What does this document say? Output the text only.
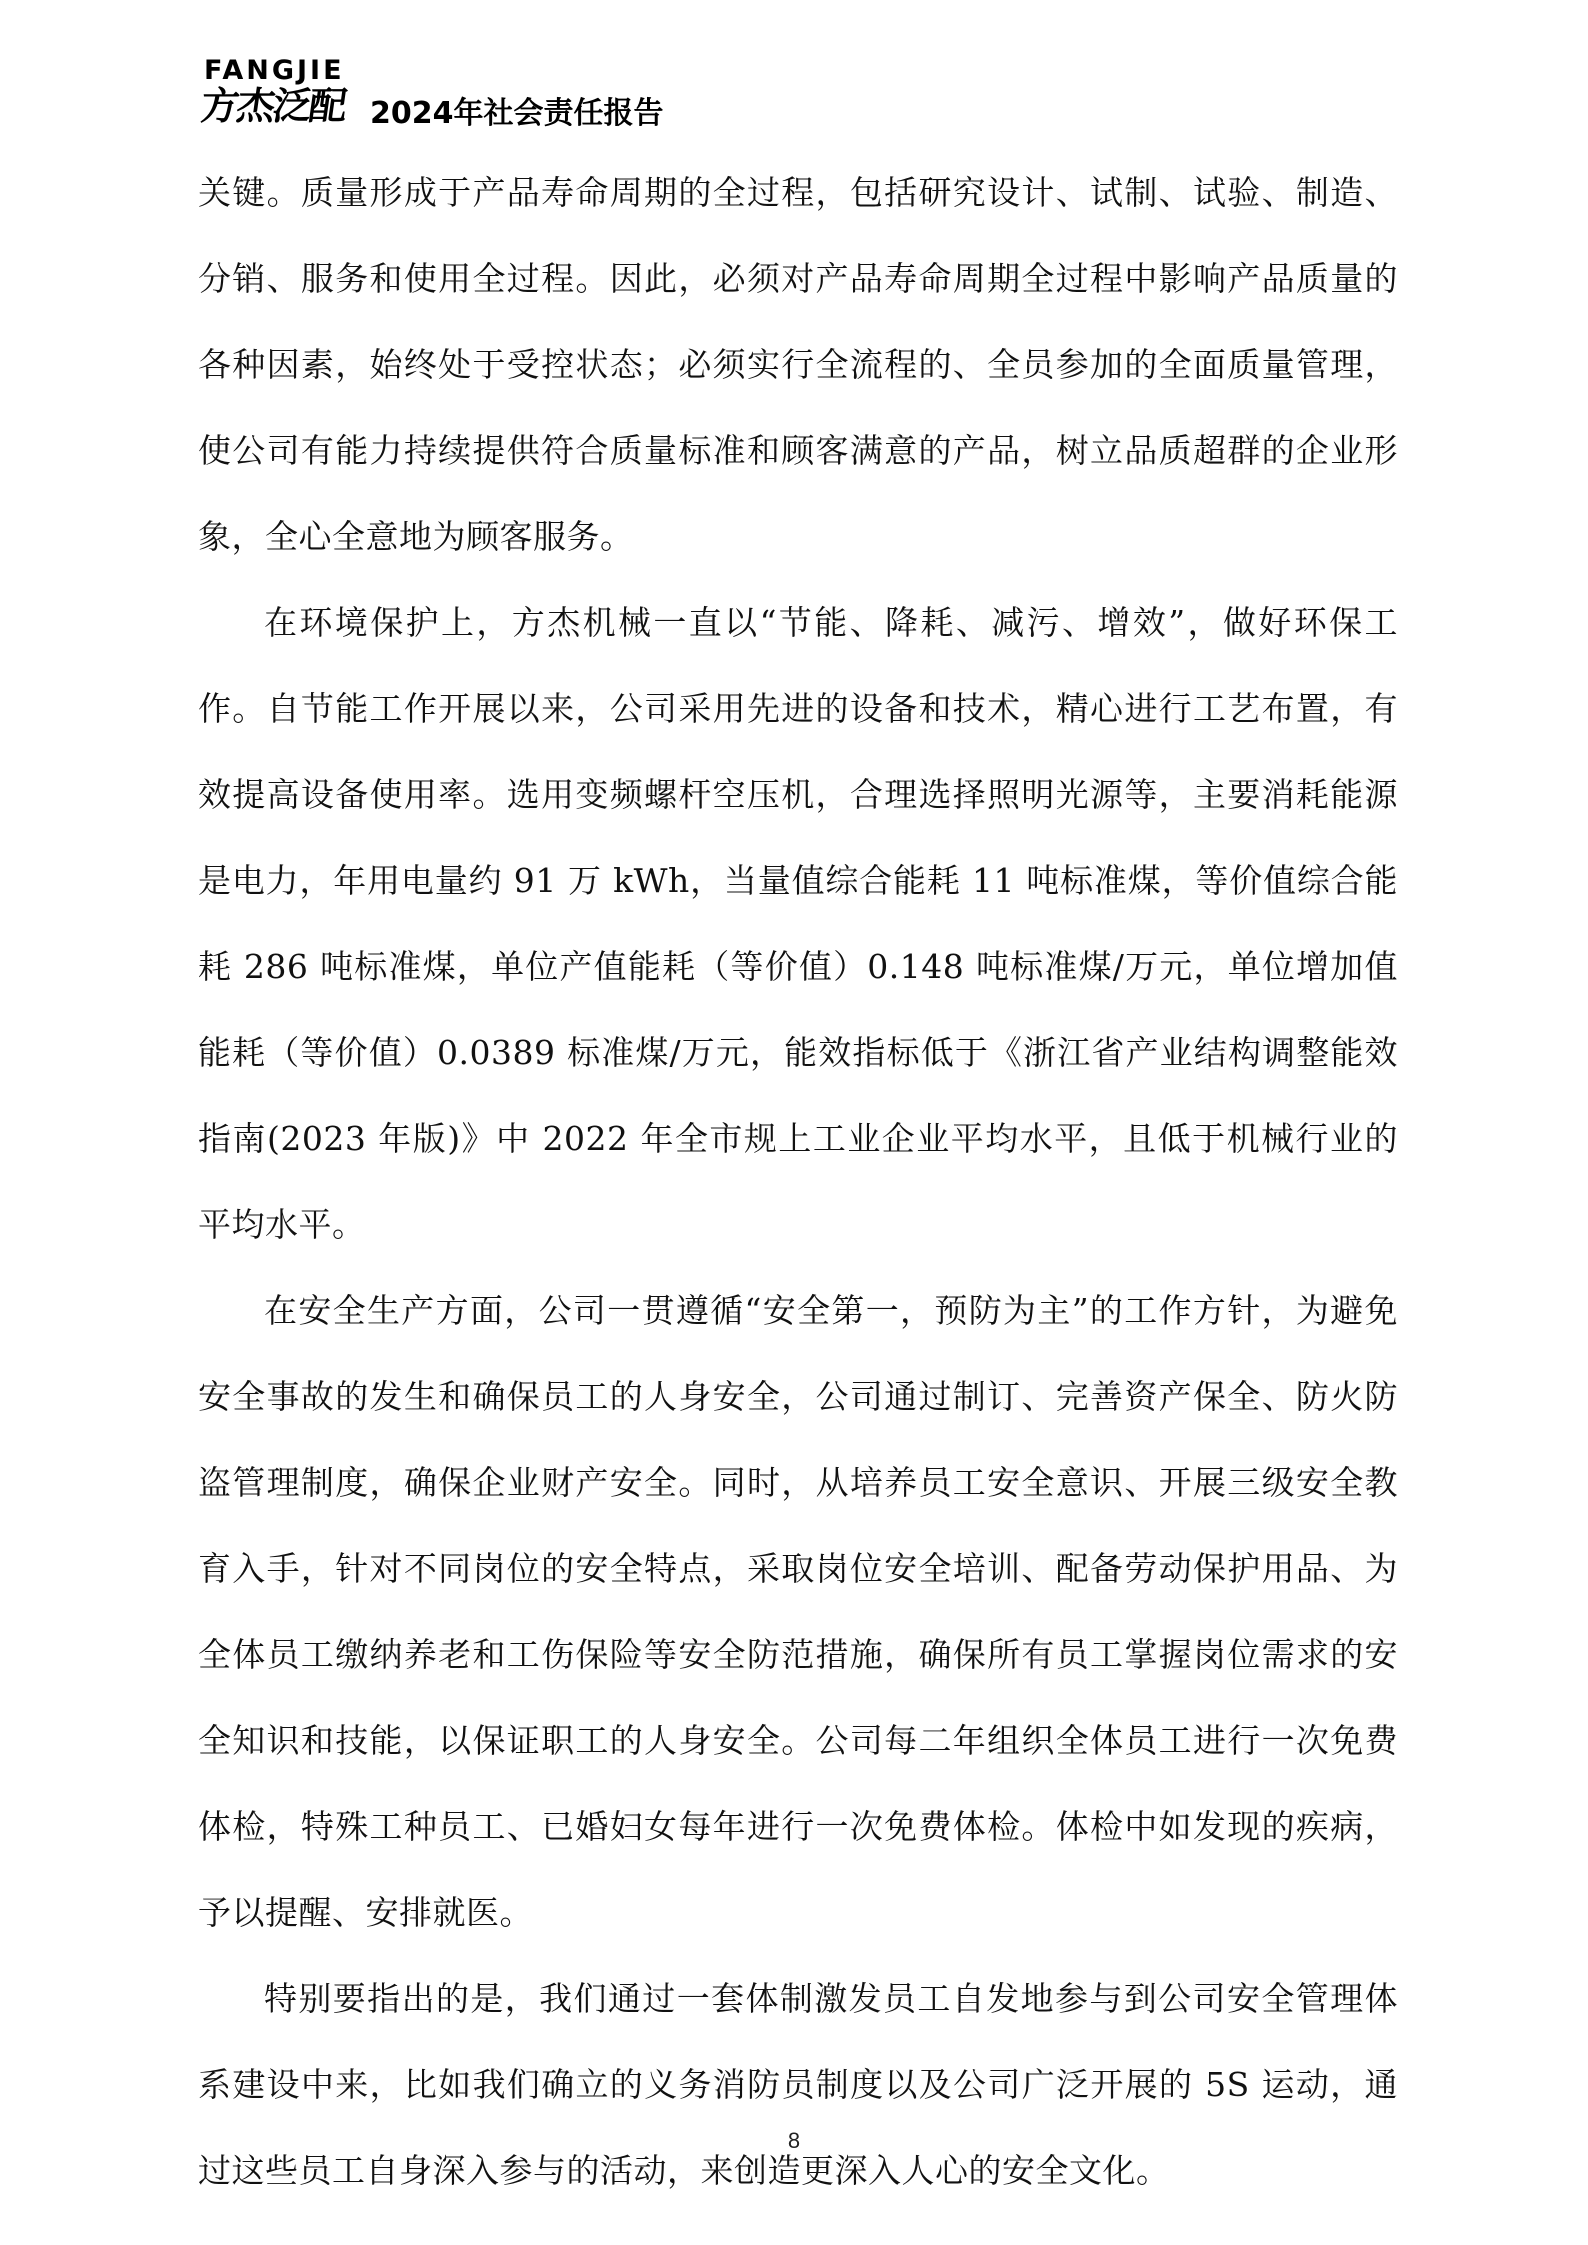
FANGJIE
方杰泛配 2024年社会责任报告

关键。质量形成于产品寿命周期的全过程，包括研究设计、试制、试验、制造、分销、服务和使用全过程。因此，必须对产品寿命周期全过程中影响产品质量的各种因素，始终处于受控状态；必须实行全流程的、全员参加的全面质量管理，使公司有能力持续提供符合质量标准和顾客满意的产品，树立品质超群的企业形象，全心全意地为顾客服务。

在环境保护上，方杰机械一直以“节能、降耗、减污、增效”，做好环保工作。自节能工作开展以来，公司采用先进的设备和技术，精心进行工艺布置，有效提高设备使用率。选用变频螺杆空压机，合理选择照明光源等，主要消耗能源是电力，年用电量约 91 万 kWh，当量值综合能耗 11 吨标准煤，等价值综合能耗 286 吨标准煤，单位产值能耗（等价值）0.148 吨标准煤/万元，单位增加值能耗（等价值）0.0389 标准煤/万元，能效指标低于《浙江省产业结构调整能效指南(2023 年版)》中 2022 年全市规上工业企业平均水平，且低于机械行业的平均水平。

在安全生产方面，公司一贯遵循“安全第一，预防为主”的工作方针，为避免安全事故的发生和确保员工的人身安全，公司通过制订、完善资产保全、防火防盗管理制度，确保企业财产安全。同时，从培养员工安全意识、开展三级安全教育入手，针对不同岗位的安全特点，采取岗位安全培训、配备劳动保护用品、为全体员工缴纳养老和工伤保险等安全防范措施，确保所有员工掌握岗位需求的安全知识和技能，以保证职工的人身安全。公司每二年组织全体员工进行一次免费体检，特殊工种员工、已婚妇女每年进行一次免费体检。体检中如发现的疾病，予以提醒、安排就医。

特别要指出的是，我们通过一套体制激发员工自发地参与到公司安全管理体系建设中来，比如我们确立的义务消防员制度以及公司广泛开展的 5S 运动，通过这些员工自身深入参与的活动，来创造更深入人心的安全文化。

8
